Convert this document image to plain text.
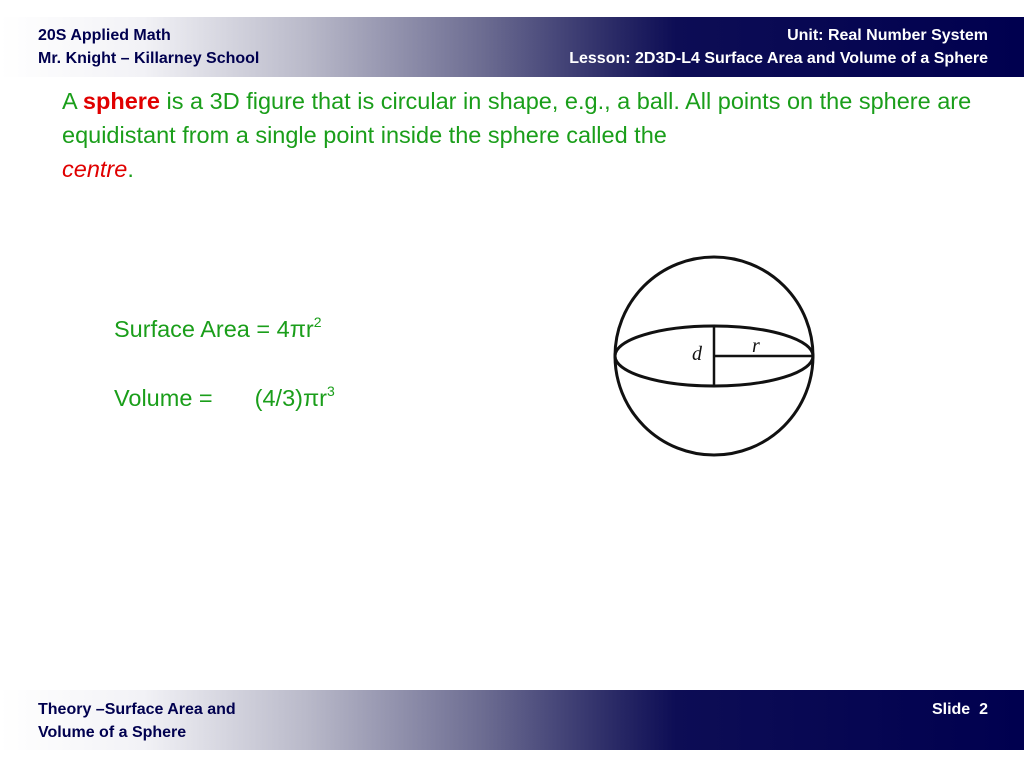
20S Applied Math
Mr. Knight – Killarney School
Unit: Real Number System
Lesson: 2D3D-L4 Surface Area and Volume of a Sphere
A sphere is a 3D figure that is circular in shape, e.g., a ball. All points on the sphere are equidistant from a single point inside the sphere called the
centre.
Surface Area = $4\pi r^2$
Volume = $(4/3)\pi r^3$
d	r
Theory –Surface Area and
Volume of a Sphere
Slide 2
